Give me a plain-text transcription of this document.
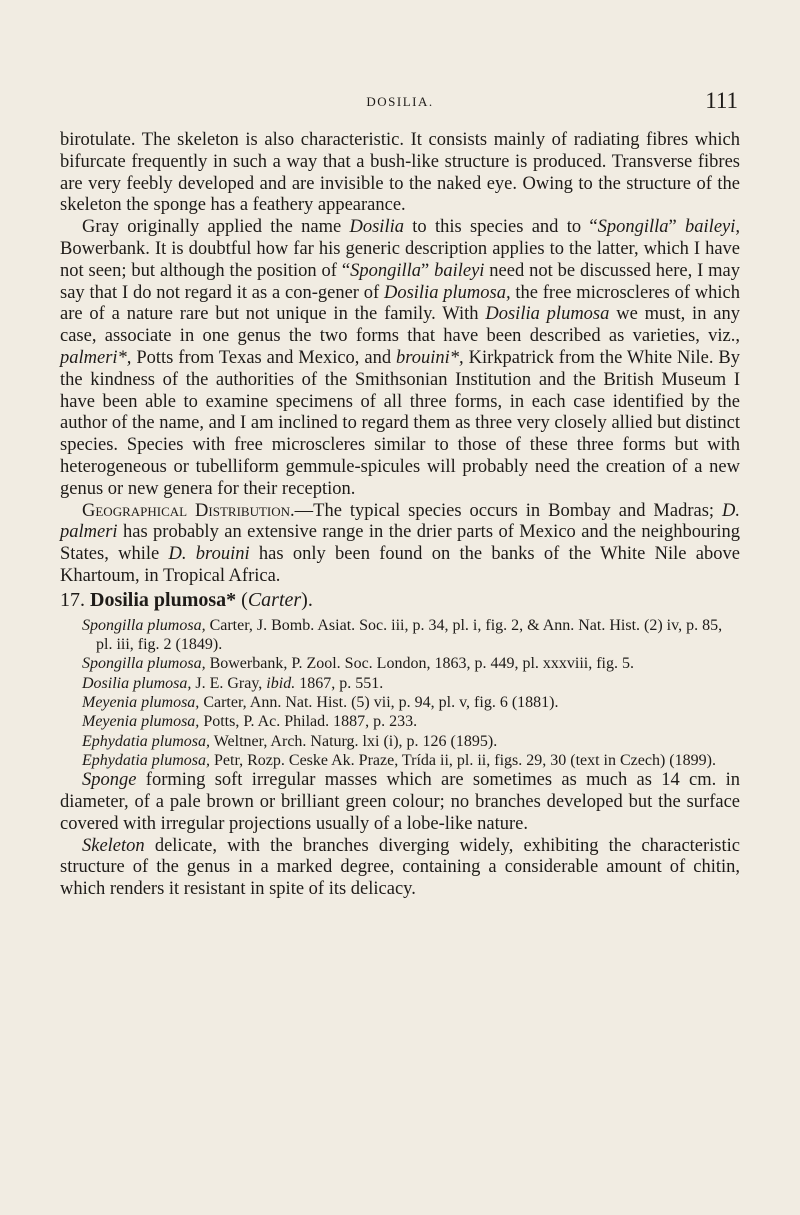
DOSILIA.	111

birotulate. The skeleton is also characteristic. It consists mainly of radiating fibres which bifurcate frequently in such a way that a bush-like structure is produced. Transverse fibres are very feebly developed and are invisible to the naked eye. Owing to the structure of the skeleton the sponge has a feathery appearance.

Gray originally applied the name Dosilia to this species and to “Spongilla” baileyi, Bowerbank. It is doubtful how far his generic description applies to the latter, which I have not seen; but although the position of “Spongilla” baileyi need not be discussed here, I may say that I do not regard it as a con-gener of Dosilia plumosa, the free microscleres of which are of a nature rare but not unique in the family. With Dosilia plumosa we must, in any case, associate in one genus the two forms that have been described as varieties, viz., palmeri*, Potts from Texas and Mexico, and brouini*, Kirkpatrick from the White Nile. By the kindness of the authorities of the Smithsonian Institution and the British Museum I have been able to examine specimens of all three forms, in each case identified by the author of the name, and I am inclined to regard them as three very closely allied but distinct species. Species with free microscleres similar to those of these three forms but with heterogeneous or tubelliform gemmule-spicules will probably need the creation of a new genus or new genera for their reception.

Geographical Distribution.—The typical species occurs in Bombay and Madras; D. palmeri has probably an extensive range in the drier parts of Mexico and the neighbouring States, while D. brouini has only been found on the banks of the White Nile above Khartoum, in Tropical Africa.

17. Dosilia plumosa* (Carter).

Spongilla plumosa, Carter, J. Bomb. Asiat. Soc. iii, p. 34, pl. i, fig. 2, & Ann. Nat. Hist. (2) iv, p. 85, pl. iii, fig. 2 (1849).

Spongilla plumosa, Bowerbank, P. Zool. Soc. London, 1863, p. 449, pl. xxxviii, fig. 5.

Dosilia plumosa, J. E. Gray, ibid. 1867, p. 551.

Meyenia plumosa, Carter, Ann. Nat. Hist. (5) vii, p. 94, pl. v, fig. 6 (1881).

Meyenia plumosa, Potts, P. Ac. Philad. 1887, p. 233.

Ephydatia plumosa, Weltner, Arch. Naturg. lxi (i), p. 126 (1895).

Ephydatia plumosa, Petr, Rozp. Ceske Ak. Praze, Trída ii, pl. ii, figs. 29, 30 (text in Czech) (1899).

Sponge forming soft irregular masses which are sometimes as much as 14 cm. in diameter, of a pale brown or brilliant green colour; no branches developed but the surface covered with irregular projections usually of a lobe-like nature.

Skeleton delicate, with the branches diverging widely, exhibiting the characteristic structure of the genus in a marked degree, containing a considerable amount of chitin, which renders it resistant in spite of its delicacy.
